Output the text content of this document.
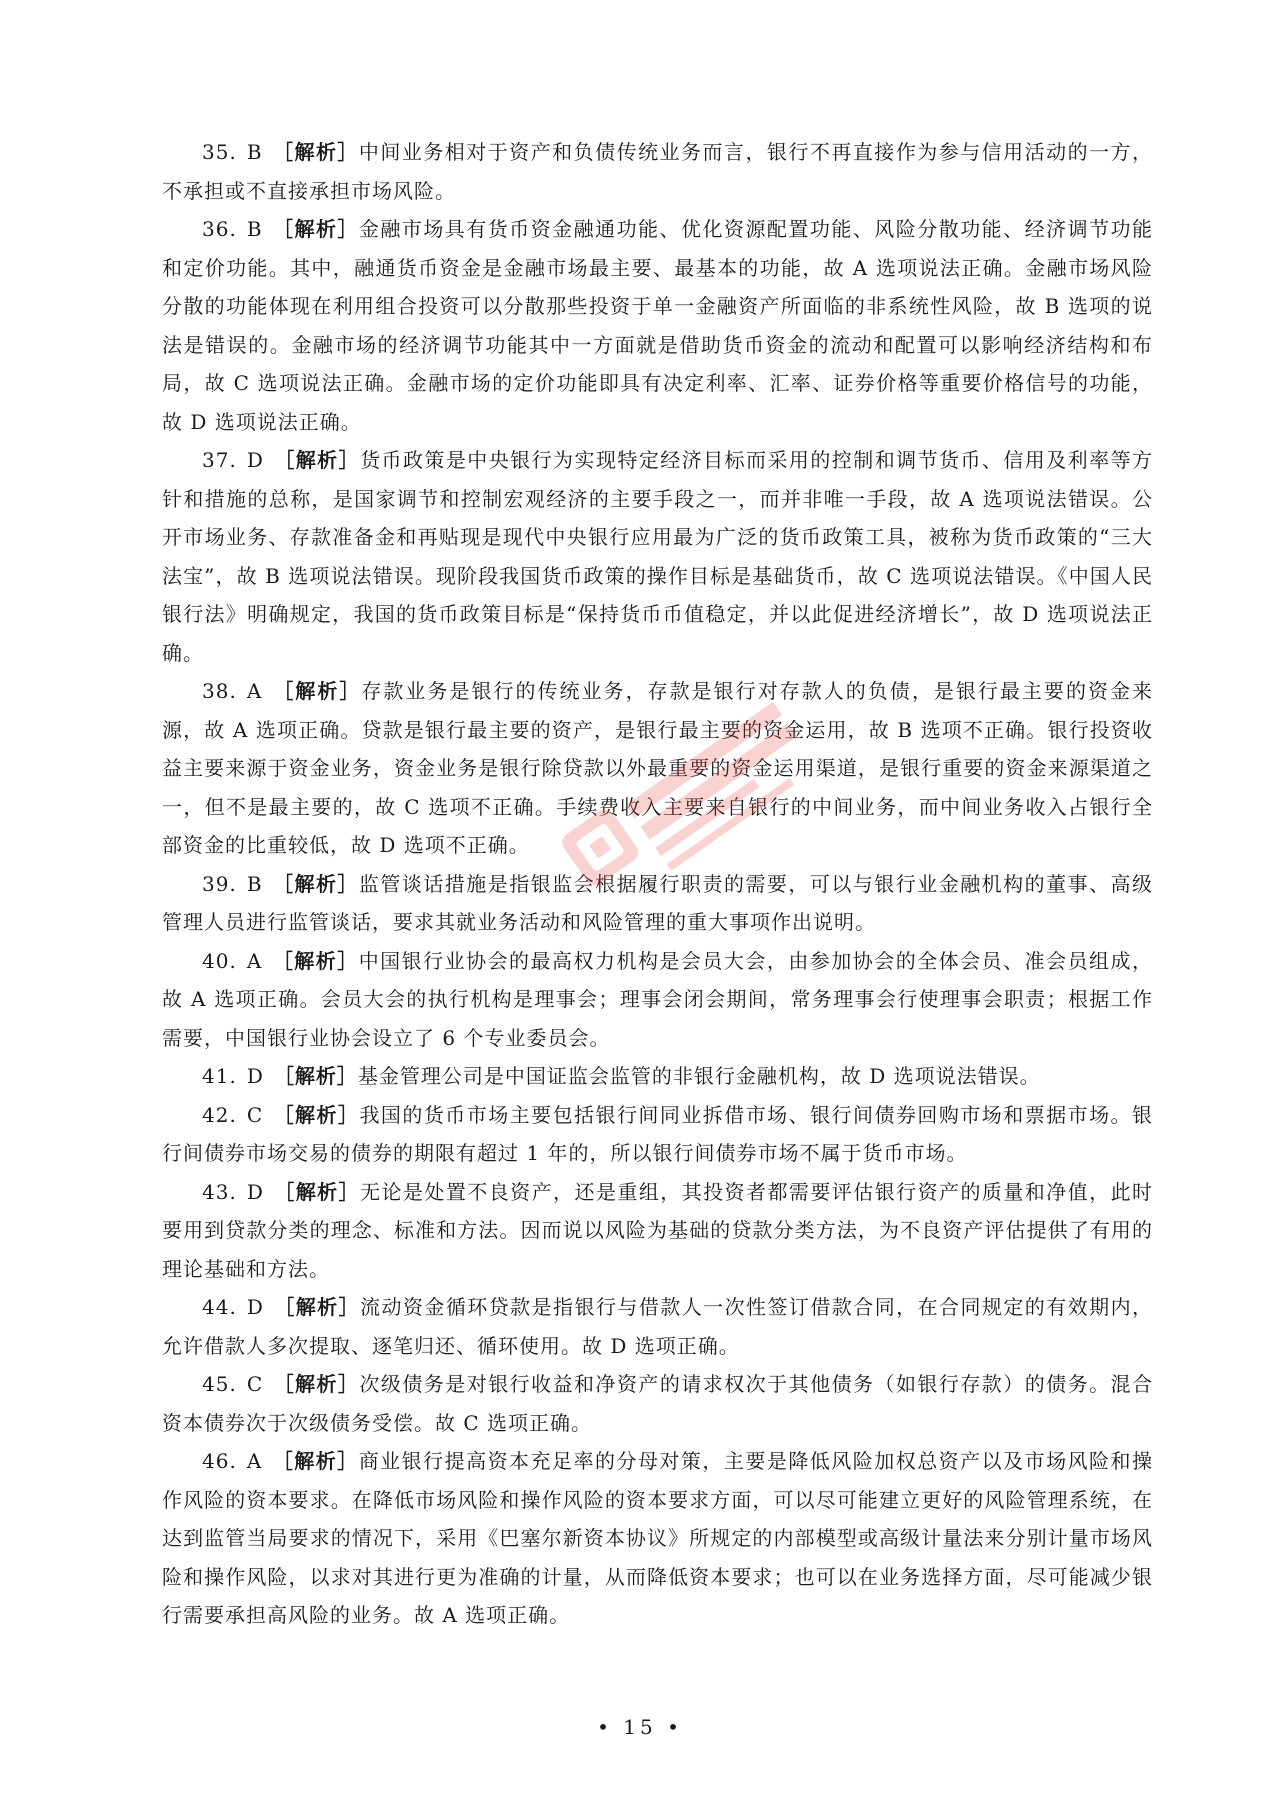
35. B ［解析］中间业务相对于资产和负债传统业务而言，银行不再直接作为参与信用活动的一方，不承担或不直接承担市场风险。

36. B ［解析］金融市场具有货币资金融通功能、优化资源配置功能、风险分散功能、经济调节功能和定价功能。其中，融通货币资金是金融市场最主要、最基本的功能，故 A 选项说法正确。金融市场风险分散的功能体现在利用组合投资可以分散那些投资于单一金融资产所面临的非系统性风险，故 B 选项的说法是错误的。金融市场的经济调节功能其中一方面就是借助货币资金的流动和配置可以影响经济结构和布局，故 C 选项说法正确。金融市场的定价功能即具有决定利率、汇率、证券价格等重要价格信号的功能，故 D 选项说法正确。

37. D ［解析］货币政策是中央银行为实现特定经济目标而采用的控制和调节货币、信用及利率等方针和措施的总称，是国家调节和控制宏观经济的主要手段之一，而并非唯一手段，故 A 选项说法错误。公开市场业务、存款准备金和再贴现是现代中央银行应用最为广泛的货币政策工具，被称为货币政策的“三大法宝”，故 B 选项说法错误。现阶段我国货币政策的操作目标是基础货币，故 C 选项说法错误。《中国人民银行法》明确规定，我国的货币政策目标是“保持货币币值稳定，并以此促进经济增长”，故 D 选项说法正确。

38. A ［解析］存款业务是银行的传统业务，存款是银行对存款人的负债，是银行最主要的资金来源，故 A 选项正确。贷款是银行最主要的资产，是银行最主要的资金运用，故 B 选项不正确。银行投资收益主要来源于资金业务，资金业务是银行除贷款以外最重要的资金运用渠道，是银行重要的资金来源渠道之一，但不是最主要的，故 C 选项不正确。手续费收入主要来自银行的中间业务，而中间业务收入占银行全部资金的比重较低，故 D 选项不正确。

39. B ［解析］监管谈话措施是指银监会根据履行职责的需要，可以与银行业金融机构的董事、高级管理人员进行监管谈话，要求其就业务活动和风险管理的重大事项作出说明。

40. A ［解析］中国银行业协会的最高权力机构是会员大会，由参加协会的全体会员、准会员组成，故 A 选项正确。会员大会的执行机构是理事会；理事会闭会期间，常务理事会行使理事会职责；根据工作需要，中国银行业协会设立了 6 个专业委员会。

41. D ［解析］基金管理公司是中国证监会监管的非银行金融机构，故 D 选项说法错误。

42. C ［解析］我国的货币市场主要包括银行间同业拆借市场、银行间债券回购市场和票据市场。银行间债券市场交易的债券的期限有超过 1 年的，所以银行间债券市场不属于货币市场。

43. D ［解析］无论是处置不良资产，还是重组，其投资者都需要评估银行资产的质量和净值，此时要用到贷款分类的理念、标准和方法。因而说以风险为基础的贷款分类方法，为不良资产评估提供了有用的理论基础和方法。

44. D ［解析］流动资金循环贷款是指银行与借款人一次性签订借款合同，在合同规定的有效期内，允许借款人多次提取、逐笔归还、循环使用。故 D 选项正确。

45. C ［解析］次级债务是对银行收益和净资产的请求权次于其他债务（如银行存款）的债务。混合资本债券次于次级债务受偿。故 C 选项正确。

46. A ［解析］商业银行提高资本充足率的分母对策，主要是降低风险加权总资产以及市场风险和操作风险的资本要求。在降低市场风险和操作风险的资本要求方面，可以尽可能建立更好的风险管理系统，在达到监管当局要求的情况下，采用《巴塞尔新资本协议》所规定的内部模型或高级计量法来分别计量市场风险和操作风险，以求对其进行更为准确的计量，从而降低资本要求；也可以在业务选择方面，尽可能减少银行需要承担高风险的业务。故 A 选项正确。

• 15 •
